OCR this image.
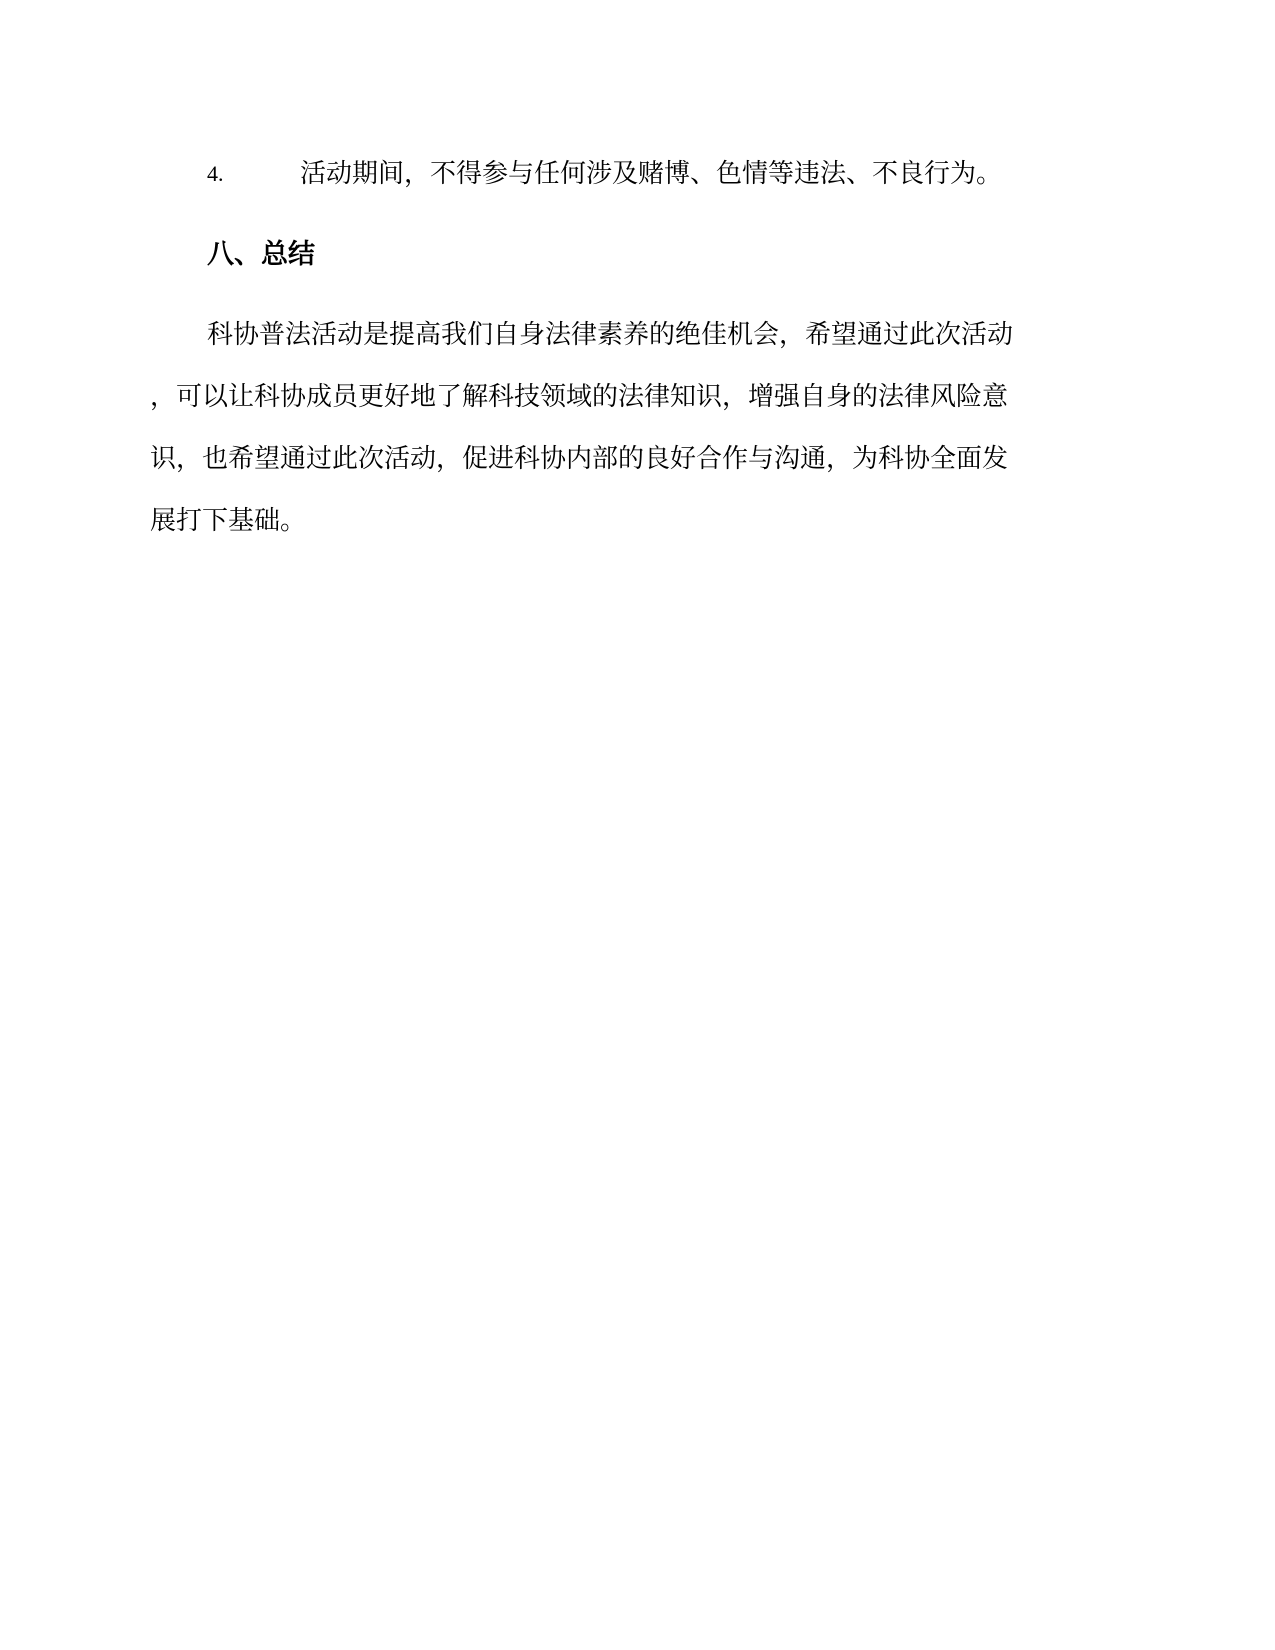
4.	活动期间，不得参与任何涉及赌博、色情等违法、不良行为。
八、总结
科协普法活动是提高我们自身法律素养的绝佳机会，希望通过此次活动
，可以让科协成员更好地了解科技领域的法律知识，增强自身的法律风险意
识，也希望通过此次活动，促进科协内部的良好合作与沟通，为科协全面发
展打下基础。
